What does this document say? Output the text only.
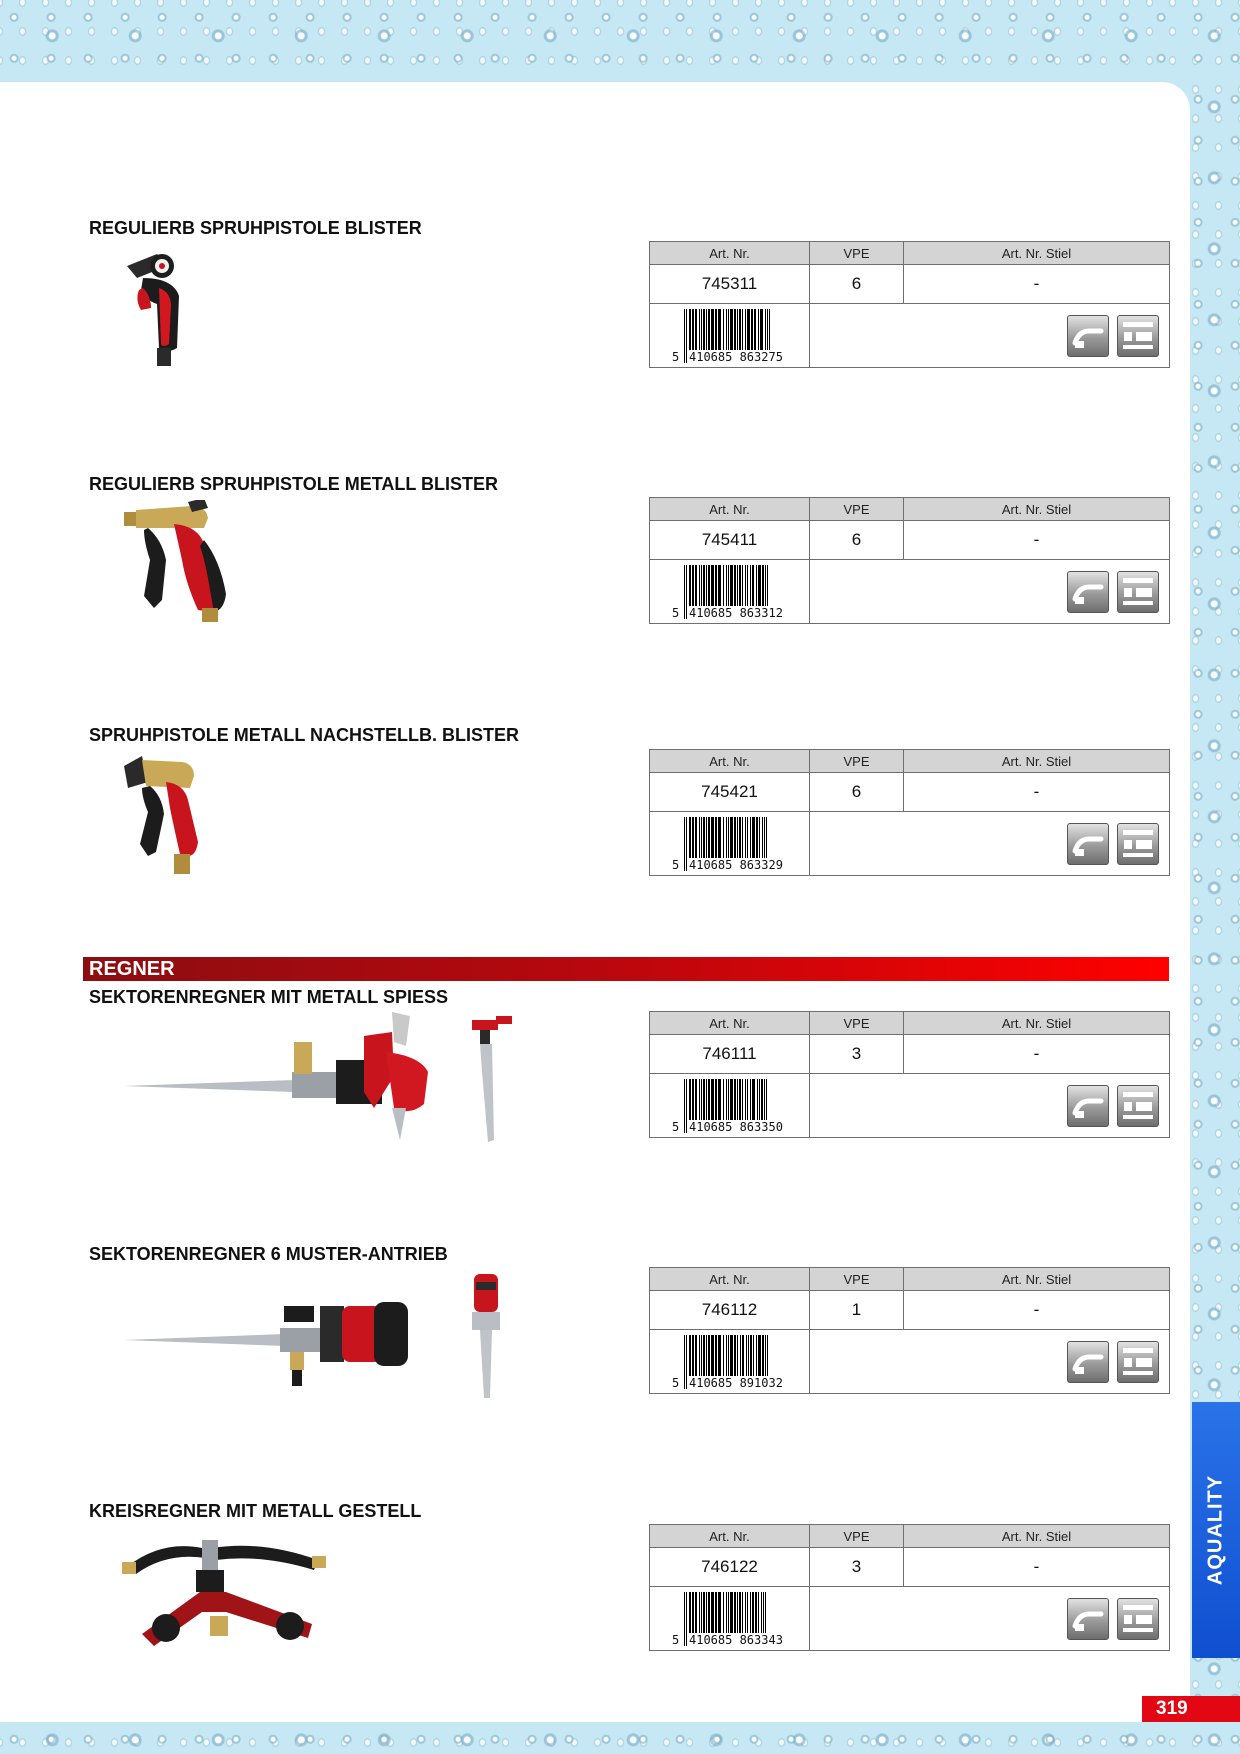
REGULIERB SPRUHPISTOLE BLISTER
Art. Nr.	VPE	Art. Nr. Stiel
745311	6	-

5 410685 863275

REGULIERB SPRUHPISTOLE METALL BLISTER
Art. Nr.	VPE	Art. Nr. Stiel
745411	6	-

5 410685 863312

SPRUHPISTOLE METALL NACHSTELLB. BLISTER
Art. Nr.	VPE	Art. Nr. Stiel
745421	6	-

5 410685 863329

REGNER
SEKTORENREGNER MIT METALL SPIESS
Art. Nr.	VPE	Art. Nr. Stiel
746111	3	-

5 410685 863350

SEKTORENREGNER 6 MUSTER-ANTRIEB
Art. Nr.	VPE	Art. Nr. Stiel
746112	1	-

5 410685 891032

KREISREGNER MIT METALL GESTELL
Art. Nr.	VPE	Art. Nr. Stiel
746122	3	-

5 410685 863343

AQUALITY
319
